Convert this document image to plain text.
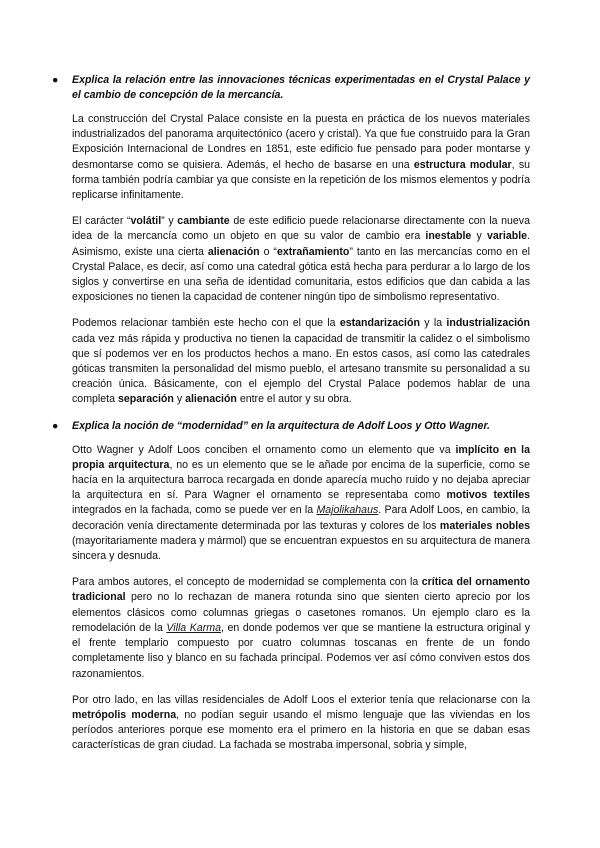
● Explica la relación entre las innovaciones técnicas experimentadas en el Crystal Palace y el cambio de concepción de la mercancía.

La construcción del Crystal Palace consiste en la puesta en práctica de los nuevos materiales industrializados del panorama arquitectónico (acero y cristal). Ya que fue construido para la Gran Exposición Internacional de Londres en 1851, este edificio fue pensado para poder montarse y desmontarse como se quisiera. Además, el hecho de basarse en una estructura modular, su forma también podría cambiar ya que consiste en la repetición de los mismos elementos y podría replicarse infinitamente.

El carácter “volátil” y cambiante de este edificio puede relacionarse directamente con la nueva idea de la mercancía como un objeto en que su valor de cambio era inestable y variable. Asimismo, existe una cierta alienación o “extrañamiento” tanto en las mercancías como en el Crystal Palace, es decir, así como una catedral gótica está hecha para perdurar a lo largo de los siglos y convertirse en una seña de identidad comunitaria, estos edificios que dan cabida a las exposiciones no tienen la capacidad de contener ningún tipo de simbolismo representativo.

Podemos relacionar también este hecho con el que la estandarización y la industrialización cada vez más rápida y productiva no tienen la capacidad de transmitir la calidez o el simbolismo que sí podemos ver en los productos hechos a mano. En estos casos, así como las catedrales góticas transmiten la personalidad del mismo pueblo, el artesano transmite su personalidad a su creación única. Básicamente, con el ejemplo del Crystal Palace podemos hablar de una completa separación y alienación entre el autor y su obra.

● Explica la noción de “modernidad” en la arquitectura de Adolf Loos y Otto Wagner.

Otto Wagner y Adolf Loos conciben el ornamento como un elemento que va implícito en la propia arquitectura, no es un elemento que se le añade por encima de la superficie, como se hacía en la arquitectura barroca recargada en donde aparecía mucho ruido y no dejaba apreciar la arquitectura en sí. Para Wagner el ornamento se representaba como motivos textiles integrados en la fachada, como se puede ver en la Majolikahaus. Para Adolf Loos, en cambio, la decoración venía directamente determinada por las texturas y colores de los materiales nobles (mayoritariamente madera y mármol) que se encuentran expuestos en su arquitectura de manera sincera y desnuda.

Para ambos autores, el concepto de modernidad se complementa con la crítica del ornamento tradicional pero no lo rechazan de manera rotunda sino que sienten cierto aprecio por los elementos clásicos como columnas griegas o casetones romanos. Un ejemplo claro es la remodelación de la Villa Karma, en donde podemos ver que se mantiene la estructura original y el frente templario compuesto por cuatro columnas toscanas en frente de un fondo completamente liso y blanco en su fachada principal. Podemos ver así cómo conviven estos dos razonamientos.

Por otro lado, en las villas residenciales de Adolf Loos el exterior tenía que relacionarse con la metrópolis moderna, no podían seguir usando el mismo lenguaje que las viviendas en los períodos anteriores porque ese momento era el primero en la historia en que se daban esas características de gran ciudad. La fachada se mostraba impersonal, sobria y simple,
